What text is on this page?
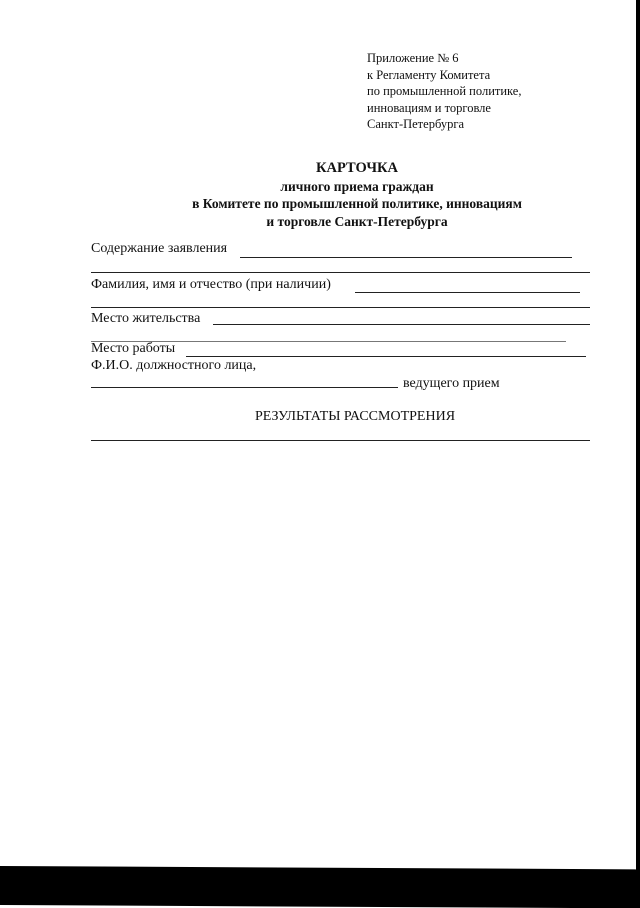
Приложение № 6
к Регламенту Комитета
по промышленной политике,
инновациям и торговле
Санкт-Петербурга
КАРТОЧКА
личного приема граждан
в Комитете по промышленной политике, инновациям
и торговле Санкт-Петербурга
Содержание заявления
Фамилия, имя и отчество (при наличии)
Место жительства
Место работы
Ф.И.О. должностного лица,
ведущего прием
РЕЗУЛЬТАТЫ РАССМОТРЕНИЯ
